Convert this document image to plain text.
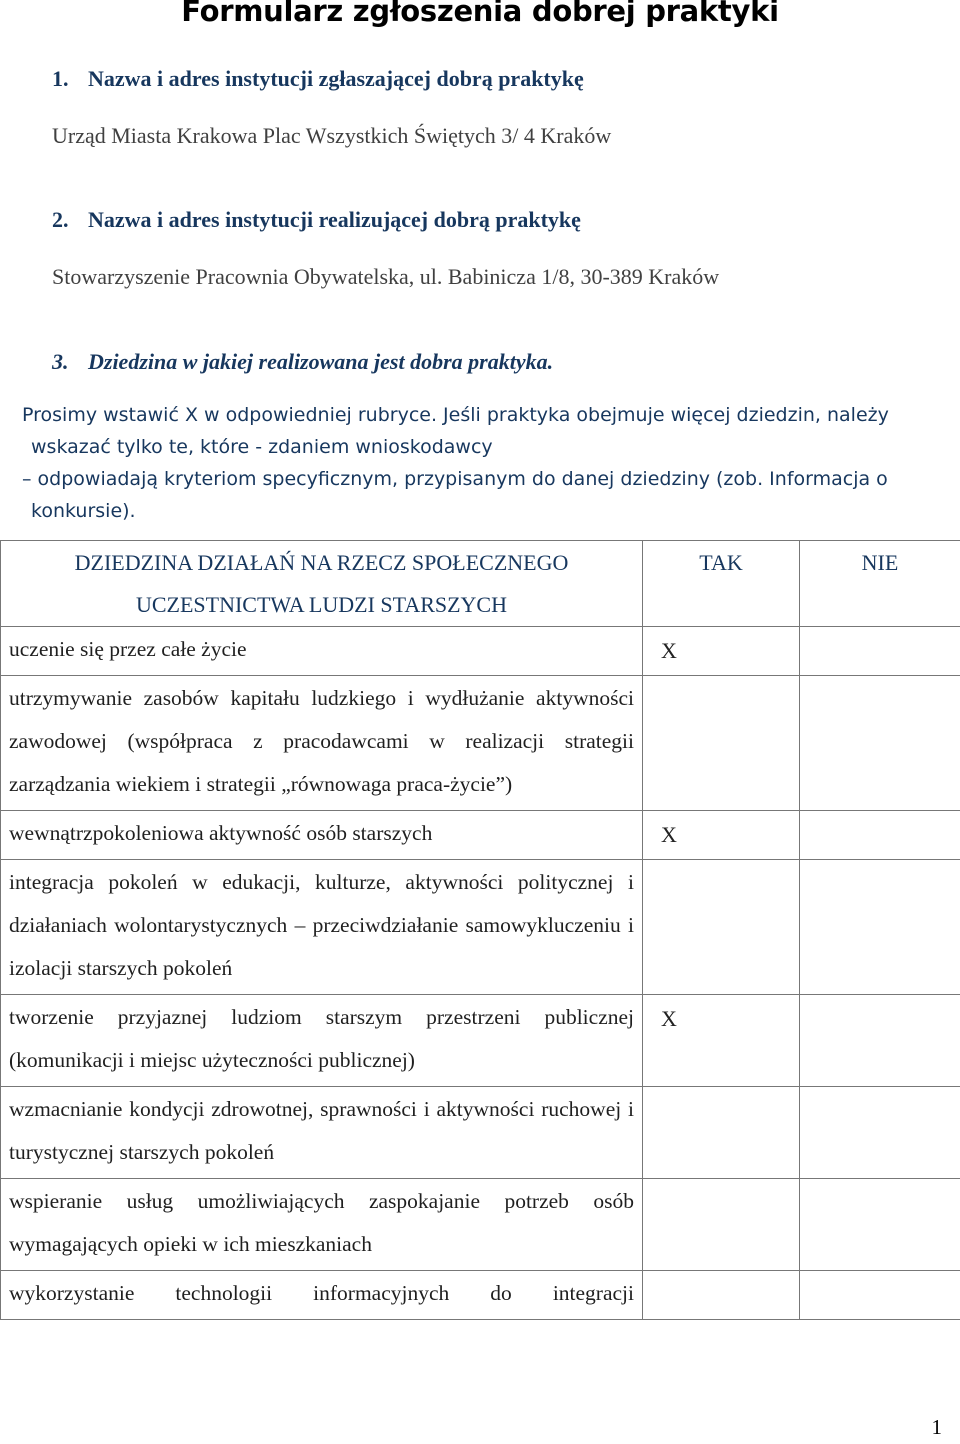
Formularz zgłoszenia dobrej praktyki
1. Nazwa i adres instytucji zgłaszającej dobrą praktykę
Urząd Miasta Krakowa Plac Wszystkich Świętych 3/ 4 Kraków
2. Nazwa i adres instytucji realizującej dobrą praktykę
Stowarzyszenie Pracownia Obywatelska, ul. Babinicza 1/8, 30-389 Kraków
3. Dziedzina w jakiej realizowana jest dobra praktyka.
Prosimy wstawić X w odpowiedniej rubryce. Jeśli praktyka obejmuje więcej dziedzin, należy
wskazać tylko te, które - zdaniem wnioskodawcy
– odpowiadają kryteriom specyficznym, przypisanym do danej dziedziny (zob. Informacja o
konkursie).
DZIEDZINA DZIAŁAŃ NA RZECZ SPOŁECZNEGO
UCZESTNICTWA LUDZI STARSZYCH	TAK	NIE
uczenie się przez całe życie	X	
utrzymywanie zasobów kapitału ludzkiego i wydłużanie aktywności zawodowej (współpraca z pracodawcami w realizacji strategii zarządzania wiekiem i strategii „równowaga praca-życie”)		
wewnątrzpokoleniowa aktywność osób starszych	X	
integracja pokoleń w edukacji, kulturze, aktywności politycznej i działaniach wolontarystycznych – przeciwdziałanie samowykluczeniu i izolacji starszych pokoleń		
tworzenie przyjaznej ludziom starszym przestrzeni publicznej (komunikacji i miejsc użyteczności publicznej)	X	
wzmacnianie kondycji zdrowotnej, sprawności i aktywności ruchowej i turystycznej starszych pokoleń		
wspieranie usług umożliwiających zaspokajanie potrzeb osób wymagających opieki w ich mieszkaniach		
wykorzystanie technologii informacyjnych do integracji		
1
